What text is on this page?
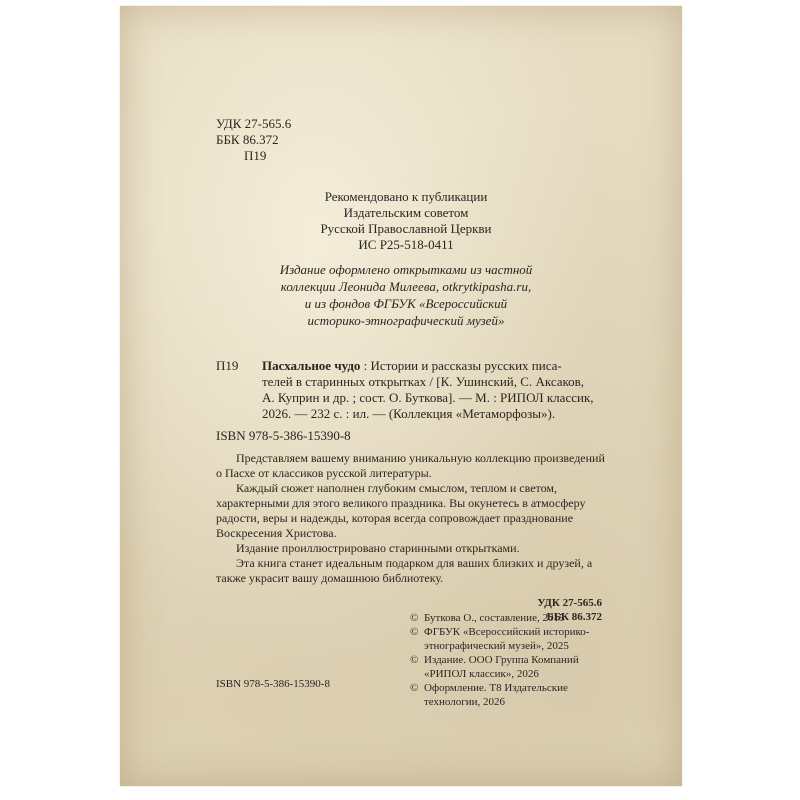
УДК 27-565.6
ББК 86.372
П19
Рекомендовано к публикации
Издательским советом
Русской Православной Церкви
ИС Р25-518-0411
Издание оформлено открытками из частной
коллекции Леонида Милеева, otkrytkipasha.ru,
и из фондов ФГБУК «Всероссийский
историко-этнографический музей»
П19 Пасхальное чудо : Истории и рассказы русских писа-
телей в старинных открытках / [К. Ушинский, С. Аксаков,
А. Куприн и др. ; сост. О. Буткова]. — М. : РИПОЛ классик,
2026. — 232 с. : ил. — (Коллекция «Метаморфозы»).
ISBN 978-5-386-15390-8

Представляем вашему вниманию уникальную коллекцию произведений о Пасхе от классиков русской литературы.

Каждый сюжет наполнен глубоким смыслом, теплом и светом, характерными для этого великого праздника. Вы окунетесь в атмосферу радости, веры и надежды, которая всегда сопровождает празднование Воскресения Христова.

Издание проиллюстрировано старинными открытками.

Эта книга станет идеальным подарком для ваших близких и друзей, а также украсит вашу домашнюю библиотеку.

УДК 27-565.6
ББК 86.372
ISBN 978-5-386-15390-8
© Буткова О., составление, 2015
© ФГБУК «Всероссийский историко-
этнографический музей», 2025
© Издание. ООО Группа Компаний
«РИПОЛ классик», 2026
© Оформление. Т8 Издательские
технологии, 2026
